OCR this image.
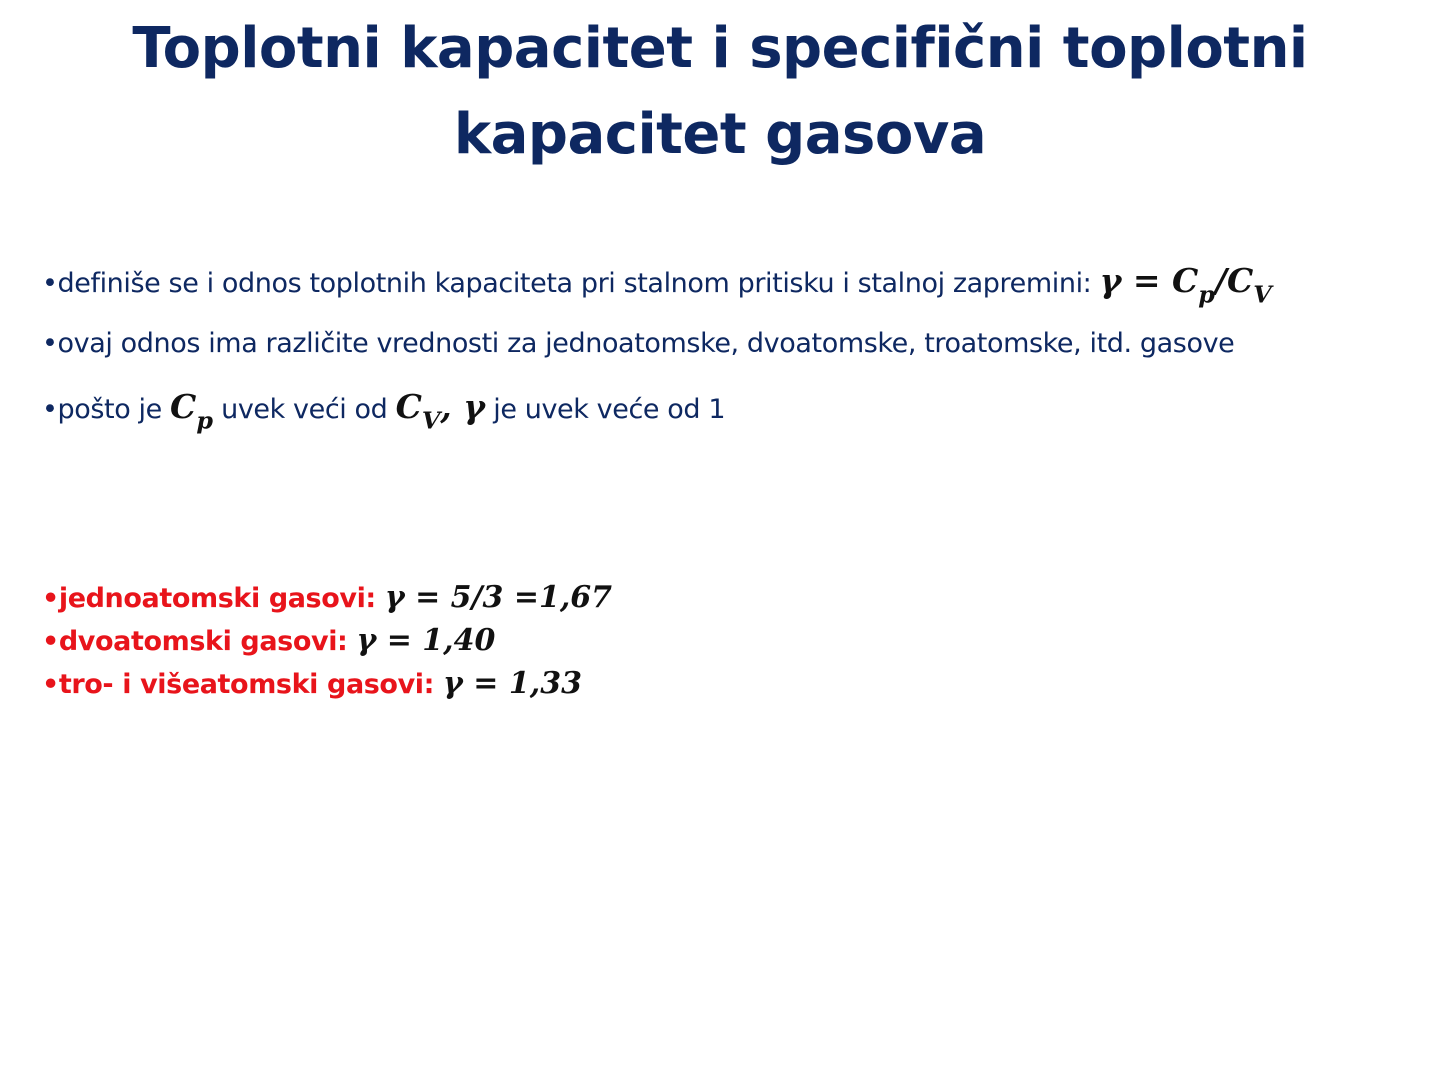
Toplotni kapacitet i specifični toplotni
kapacitet gasova
•definiše se i odnos toplotnih kapaciteta pri stalnom pritisku i stalnoj zapremini: $\gamma = C_p/C_V$
•ovaj odnos ima različite vrednosti za jednoatomske, dvoatomske, troatomske, itd. gasove
•pošto je $C_p$ uvek veći od $C_V$, γ je uvek veće od 1
•jednoatomski gasovi: γ = 5/3 =1,67
•dvoatomski gasovi: γ = 1,40
•tro- i višeatomski gasovi: γ = 1,33
